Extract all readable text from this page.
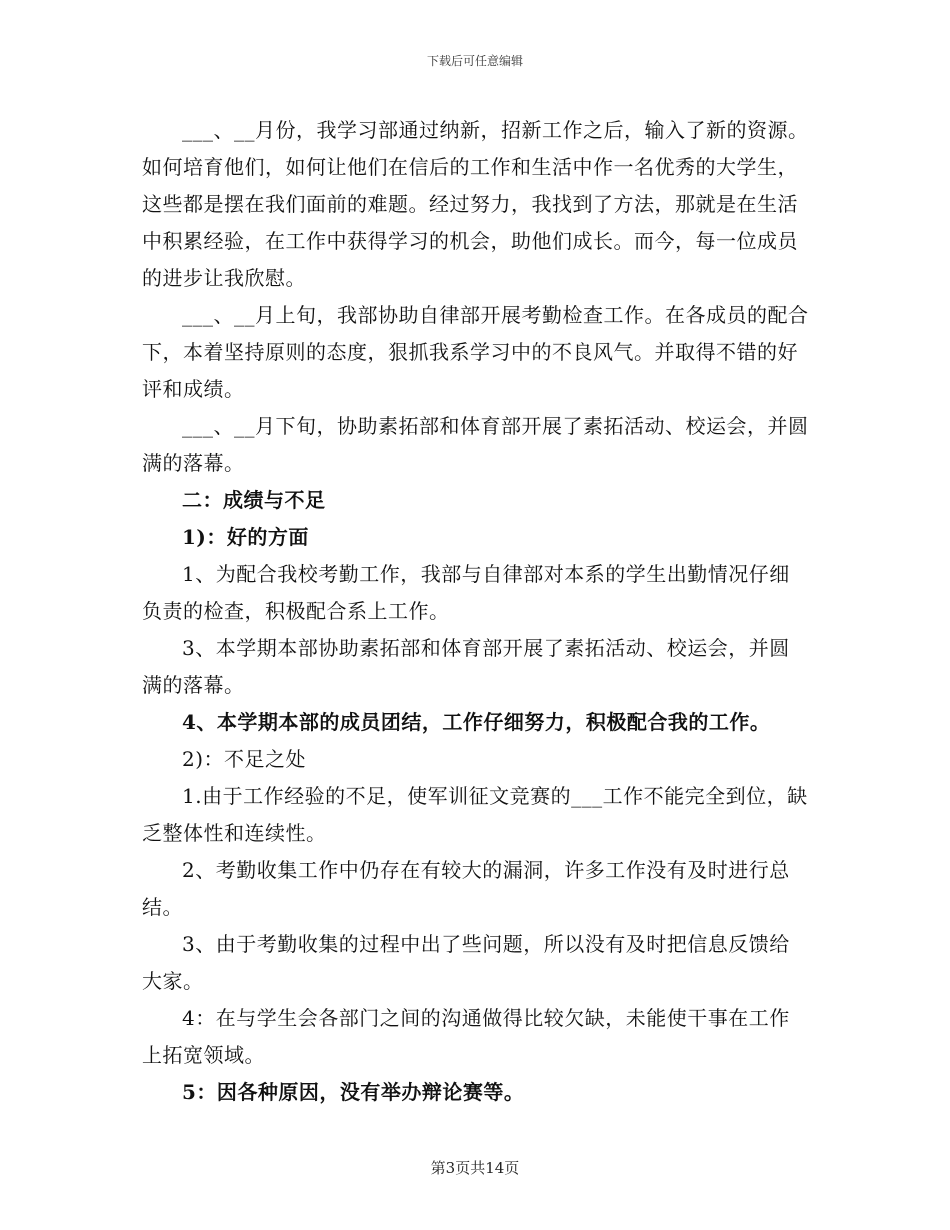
下载后可任意编辑

___、__月份，我学习部通过纳新，招新工作之后，输入了新的资源。如何培育他们，如何让他们在信后的工作和生活中作一名优秀的大学生，这些都是摆在我们面前的难题。经过努力，我找到了方法，那就是在生活中积累经验，在工作中获得学习的机会，助他们成长。而今，每一位成员的进步让我欣慰。

___、__月上旬，我部协助自律部开展考勤检查工作。在各成员的配合下，本着坚持原则的态度，狠抓我系学习中的不良风气。并取得不错的好评和成绩。

___、__月下旬，协助素拓部和体育部开展了素拓活动、校运会，并圆满的落幕。

二：成绩与不足

1)：好的方面

1、为配合我校考勤工作，我部与自律部对本系的学生出勤情况仔细负责的检查，积极配合系上工作。

3、本学期本部协助素拓部和体育部开展了素拓活动、校运会，并圆满的落幕。

4、本学期本部的成员团结，工作仔细努力，积极配合我的工作。

2)：不足之处

1.由于工作经验的不足，使军训征文竞赛的___工作不能完全到位，缺乏整体性和连续性。

2、考勤收集工作中仍存在有较大的漏洞，许多工作没有及时进行总结。

3、由于考勤收集的过程中出了些问题，所以没有及时把信息反馈给大家。

4：在与学生会各部门之间的沟通做得比较欠缺，未能使干事在工作上拓宽领域。

5：因各种原因，没有举办辩论赛等。

第3页共14页
